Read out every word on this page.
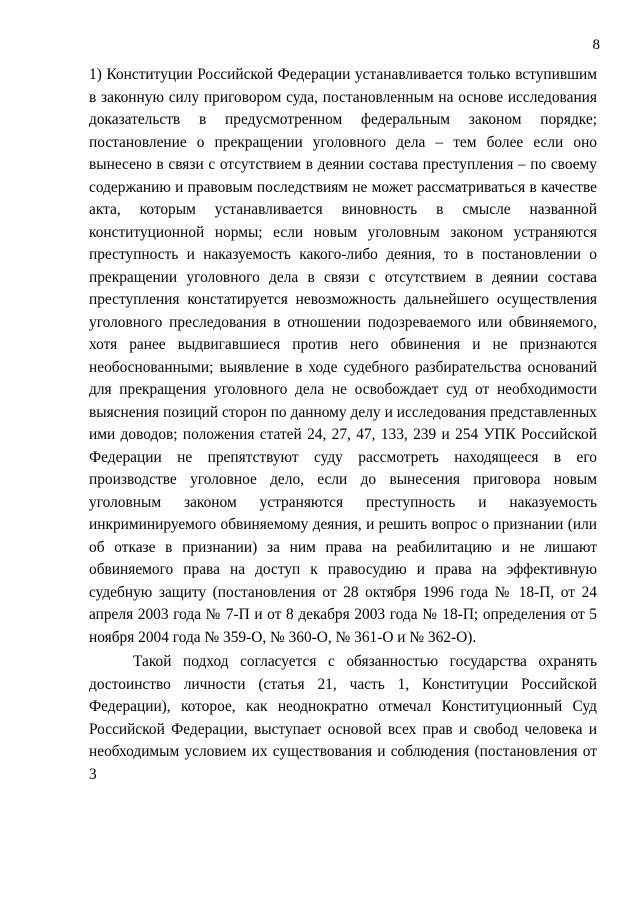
8

1) Конституции Российской Федерации устанавливается только вступившим в законную силу приговором суда, постановленным на основе исследования доказательств в предусмотренном федеральным законом порядке; постановление о прекращении уголовного дела – тем более если оно вынесено в связи с отсутствием в деянии состава преступления – по своему содержанию и правовым последствиям не может рассматриваться в качестве акта, которым устанавливается виновность в смысле названной конституционной нормы; если новым уголовным законом устраняются преступность и наказуемость какого-либо деяния, то в постановлении о прекращении уголовного дела в связи с отсутствием в деянии состава преступления констатируется невозможность дальнейшего осуществления уголовного преследования в отношении подозреваемого или обвиняемого, хотя ранее выдвигавшиеся против него обвинения и не признаются необоснованными; выявление в ходе судебного разбирательства оснований для прекращения уголовного дела не освобождает суд от необходимости выяснения позиций сторон по данному делу и исследования представленных ими доводов; положения статей 24, 27, 47, 133, 239 и 254 УПК Российской Федерации не препятствуют суду рассмотреть находящееся в его производстве уголовное дело, если до вынесения приговора новым уголовным законом устраняются преступность и наказуемость инкриминируемого обвиняемому деяния, и решить вопрос о признании (или об отказе в признании) за ним права на реабилитацию и не лишают обвиняемого права на доступ к правосудию и права на эффективную судебную защиту (постановления от 28 октября 1996 года № 18-П, от 24 апреля 2003 года № 7-П и от 8 декабря 2003 года № 18-П; определения от 5 ноября 2004 года № 359-О, № 360-О, № 361-О и № 362-О).

Такой подход согласуется с обязанностью государства охранять достоинство личности (статья 21, часть 1, Конституции Российской Федерации), которое, как неоднократно отмечал Конституционный Суд Российской Федерации, выступает основой всех прав и свобод человека и необходимым условием их существования и соблюдения (постановления от 3
